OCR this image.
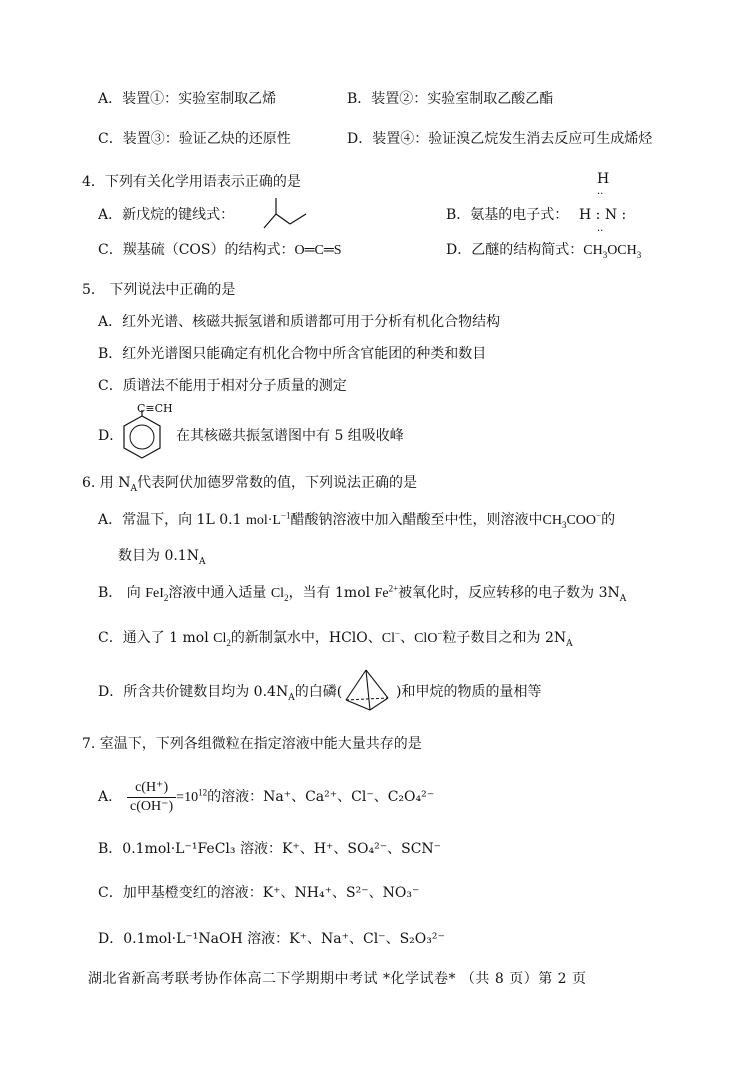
A．装置①：实验室制取乙烯	B．装置②：实验室制取乙酸乙酯
C．装置③：验证乙炔的还原性	D．装置④：验证溴乙烷发生消去反应可生成烯烃
4．下列有关化学用语表示正确的是
A．新戊烷的键线式：	B．氨基的电子式：
H
··
H : N :
··
C．羰基硫（COS）的结构式：O═C═S	D．乙醚的结构简式：$CH_3OCH_3$
5． 下列说法中正确的是
A．红外光谱、核磁共振氢谱和质谱都可用于分析有机化合物结构
B．红外光谱图只能确定有机化合物中所含官能团的种类和数目
C．质谱法不能用于相对分子质量的测定
D．
C≡CH
在其核磁共振氢谱图中有 5 组吸收峰
6. 用 $N_A$代表阿伏加德罗常数的值，下列说法正确的是
A．常温下，向 1L 0.1 $mol\cdot L^{-1}$醋酸钠溶液中加入醋酸至中性，则溶液中$CH_3COO^-$的
数目为 $0.1N_A$
B． 向 FeI$_2$溶液中通入适量 $Cl_2$，当有 1mol $Fe^{2+}$被氧化时，反应转移的电子数为 $3N_A$
C．通入了 1 mol $Cl_2$的新制氯水中，HClO、Cl−、ClO−粒子数目之和为 $2N_A$
D．所含共价键数目均为 $0.4N_A$的白磷(	)和甲烷的物质的量相等
7. 室温下，下列各组微粒在指定溶液中能大量共存的是
A. $\frac{c(H^+)}{c(OH^-)} =10^{12}$的溶液：Na⁺、Ca²⁺、Cl⁻、C₂O₄²⁻
B．0.1mol·L⁻¹FeCl₃ 溶液：K⁺、H⁺、SO₄²⁻、SCN⁻
C．加甲基橙变红的溶液：K⁺、NH₄⁺、S²⁻、NO₃⁻
D．0.1mol·L⁻¹NaOH 溶液：K⁺、Na⁺、Cl⁻、S₂O₃²⁻
湖北省新高考联考协作体高二下学期期中考试 *化学试卷* （共 8 页）第 2 页
